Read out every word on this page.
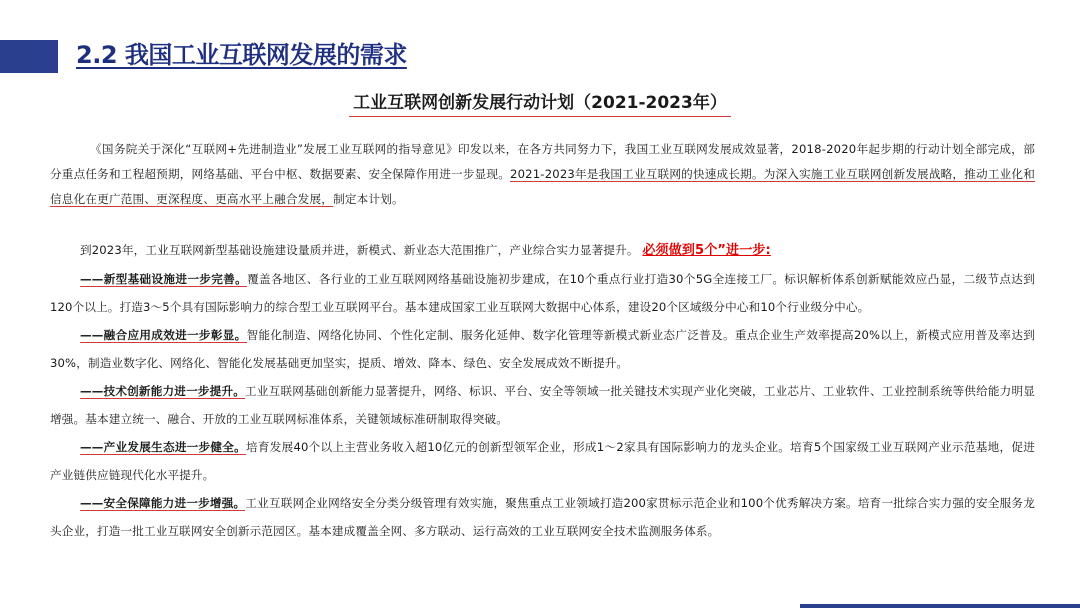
2.2 我国工业互联网发展的需求
工业互联网创新发展行动计划（2021-2023年）
《国务院关于深化“互联网+先进制造业”发展工业互联网的指导意见》印发以来，在各方共同努力下，我国工业互联网发展成效显著，2018-2020年起步期的行动计划全部完成，部分重点任务和工程超预期，网络基础、平台中枢、数据要素、安全保障作用进一步显现。2021-2023年是我国工业互联网的快速成长期。为深入实施工业互联网创新发展战略，推动工业化和信息化在更广范围、更深程度、更高水平上融合发展，制定本计划。

到2023年，工业互联网新型基础设施建设量质并进，新模式、新业态大范围推广，产业综合实力显著提升。 必须做到5个”进一步:

——新型基础设施进一步完善。覆盖各地区、各行业的工业互联网网络基础设施初步建成，在10个重点行业打造30个5G全连接工厂。标识解析体系创新赋能效应凸显，二级节点达到120个以上。打造3～5个具有国际影响力的综合型工业互联网平台。基本建成国家工业互联网大数据中心体系，建设20个区域级分中心和10个行业级分中心。

——融合应用成效进一步彰显。智能化制造、网络化协同、个性化定制、服务化延伸、数字化管理等新模式新业态广泛普及。重点企业生产效率提高20%以上，新模式应用普及率达到30%，制造业数字化、网络化、智能化发展基础更加坚实，提质、增效、降本、绿色、安全发展成效不断提升。

——技术创新能力进一步提升。工业互联网基础创新能力显著提升，网络、标识、平台、安全等领域一批关键技术实现产业化突破，工业芯片、工业软件、工业控制系统等供给能力明显增强。基本建立统一、融合、开放的工业互联网标准体系，关键领域标准研制取得突破。

——产业发展生态进一步健全。培育发展40个以上主营业务收入超10亿元的创新型领军企业，形成1～2家具有国际影响力的龙头企业。培育5个国家级工业互联网产业示范基地，促进产业链供应链现代化水平提升。

——安全保障能力进一步增强。工业互联网企业网络安全分类分级管理有效实施，聚焦重点工业领域打造200家贯标示范企业和100个优秀解决方案。培育一批综合实力强的安全服务龙头企业，打造一批工业互联网安全创新示范园区。基本建成覆盖全网、多方联动、运行高效的工业互联网安全技术监测服务体系。
